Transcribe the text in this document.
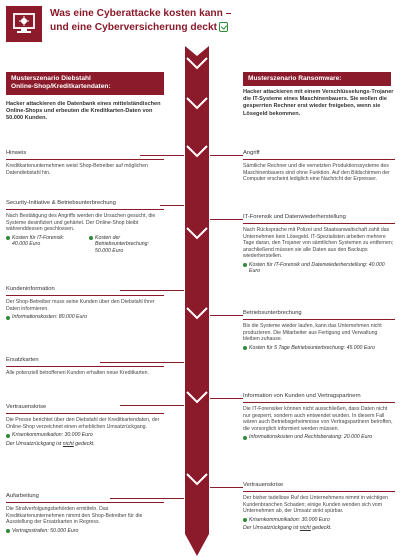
Was eine Cyberattacke kosten kann –
und eine Cyberversicherung deckt
Musterszenario Diebstahl
Online-Shop/Kreditkartendaten:
Hacker attackieren die Datenbank eines mittelständischen Online-Shops und erbeuten die Kreditkarten-Daten von 50.000 Kunden.
Musterszenario Ransomware:
Hacker attackieren mit einem Verschlüsselungs-Trojaner die IT-Systeme eines Maschinenbauers. Sie wollen die gesperrten Rechner erst wieder freigeben, wenn sie Lösegeld bekommen.
Hinweis
Kreditkartenunternehmen weist Shop-Betreiber auf möglichen Datendiebstahl hin.
Security-Initiative & Betriebsunterbrechung
Nach Bestätigung des Angriffs werden die Ursachen gesucht, die Systeme desinfiziert und gehärtet. Der Online-Shop bleibt währenddessen geschlossen.
Kosten für IT-Forensik: 40.000 Euro
Kosten der Betriebsunterbrechung: 50.000 Euro
Kundeninformation
Der Shop-Betreiber muss seine Kunden über den Diebstahl ihrer Daten informieren.
Informationskosten: 80.000 Euro
Ersatzkarten
Alle potenziell betroffenen Kunden erhalten neue Kreditkarten.
Vertrauenskrise
Die Presse berichtet über den Diebstahl der Kreditkartendaten, der Online-Shop verzeichnet einen erheblichen Umsatzrückgang.
Krisenkommunikation: 30.000 Euro
Der Umsatzrückgang ist nicht gedeckt.
Aufarbeitung
Die Strafverfolgungsbehörden ermitteln. Das Kreditkartenunternehmen nimmt den Shop-Betreiber für die Ausstellung der Ersatzkarten in Regress.
Vertragsstrafen: 50.000 Euro
Angriff
Sämtliche Rechner und die vernetzten Produktionssysteme des Maschinenbauers sind ohne Funktion. Auf den Bildschirmen der Computer erscheint lediglich eine Nachricht der Erpresser.
IT-Forensik und Datenwiederherstellung
Nach Rücksprache mit Polizei und Staatsanwaltschaft zahlt das Unternehmen kein Lösegeld. IT-Spezialisten arbeiten mehrere Tage daran, den Trojaner von sämtlichen Systemen zu entfernen; anschließend müssen sie alle Daten aus den Backups wiederherstellen.
Kosten für IT-Forensik und Datenwiederherstellung: 40.000 Euro
Betriebsunterbrechung
Bis die Systeme wieder laufen, kann das Unternehmen nicht produzieren. Die Mitarbeiter aus Fertigung und Verwaltung bleiben zuhause.
Kosten für 5 Tage Betriebsunterbrechung: 45.000 Euro
Information von Kunden und Vertragspartnern
Die IT-Forensiker können nicht ausschließen, dass Daten nicht nur gesperrt, sondern auch entwendet wurden. In diesem Fall wären auch Betriebsgeheimnisse von Vertragspartnern betroffen, die vorsorglich informiert werden müssen.
Informationskosten und Rechtsberatung: 20.000 Euro
Vertrauenskrise
Der bisher tadellose Ruf des Unternehmens nimmt in wichtigen Kundenbranchen Schaden; einige Kunden wenden sich vom Unternehmen ab, der Umsatz sinkt spürbar.
Krisenkommunikation: 30.000 Euro
Der Umsatzrückgang ist nicht gedeckt.
